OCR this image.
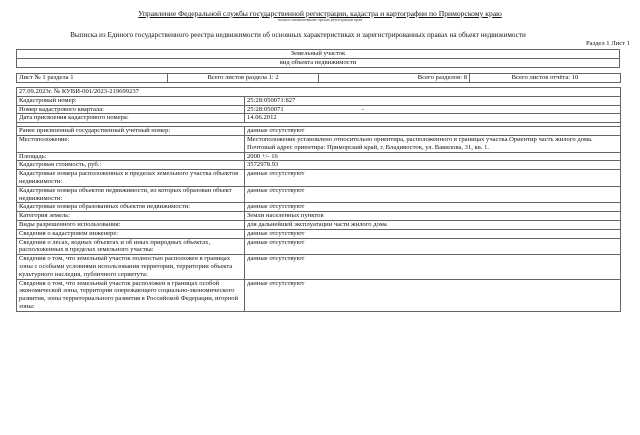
Управление Федеральной службы государственной регистрации, кадастра и картографии по Приморскому краю
полное наименование органа регистрации прав
Выписка из Единого государственного реестра недвижимости об основных характеристиках и зарегистрированных правах на объект недвижимости
Раздел 1 Лист 1
Земельный участок
вид объекта недвижимости
Лист № 1 раздела 1	Всего листов раздела 1: 2	Всего разделов: 8	Всего листов отчёта: 10
27.09.2023г. № КУВИ-001/2023-219699237	
Кадастровый номер:	25:28:050071:827
Номер кадастрового квартала:	25:28:050071 -
Дата присвоения кадастрового номера:	14.06.2012

Ранее присвоенный государственный учетный номер:	данные отсутствуют
Местоположение:	Местоположение установлено относительно ориентира, расположенного в границах участка.Ориентир часть жилого дома. Почтовый адрес ориентира: Приморский край, г. Владивосток, ул. Вавилова, 31, кв. 1.
Площадь:	2000 +/- 16
Кадастровая стоимость, руб.:	3572978.93
Кадастровые номера расположенных в пределах земельного участка объектов недвижимости:	данные отсутствуют
Кадастровые номера объектов недвижимости, из которых образован объект недвижимости:	данные отсутствуют
Кадастровые номера образованных объектов недвижимости:	данные отсутствуют
Категория земель:	Земли населенных пунктов
Виды разрешенного использования:	для дальнейшей эксплуатации части жилого дома
Сведения о кадастровом инженере:	данные отсутствуют
Сведения о лесах, водных объектах и об иных природных объектах, расположенных в пределах земельного участка:	данные отсутствуют
Сведения о том, что земельный участок полностью расположен в границах зоны с особыми условиями использования территории, территории объекта культурного наследия, публичного сервитута:	данные отсутствуют
Сведения о том, что земельный участок расположен в границах особой экономической зоны, территории опережающего социально-экономического развития, зоны территориального развития в Российской Федерации, игорной зоны:	данные отсутствуют
